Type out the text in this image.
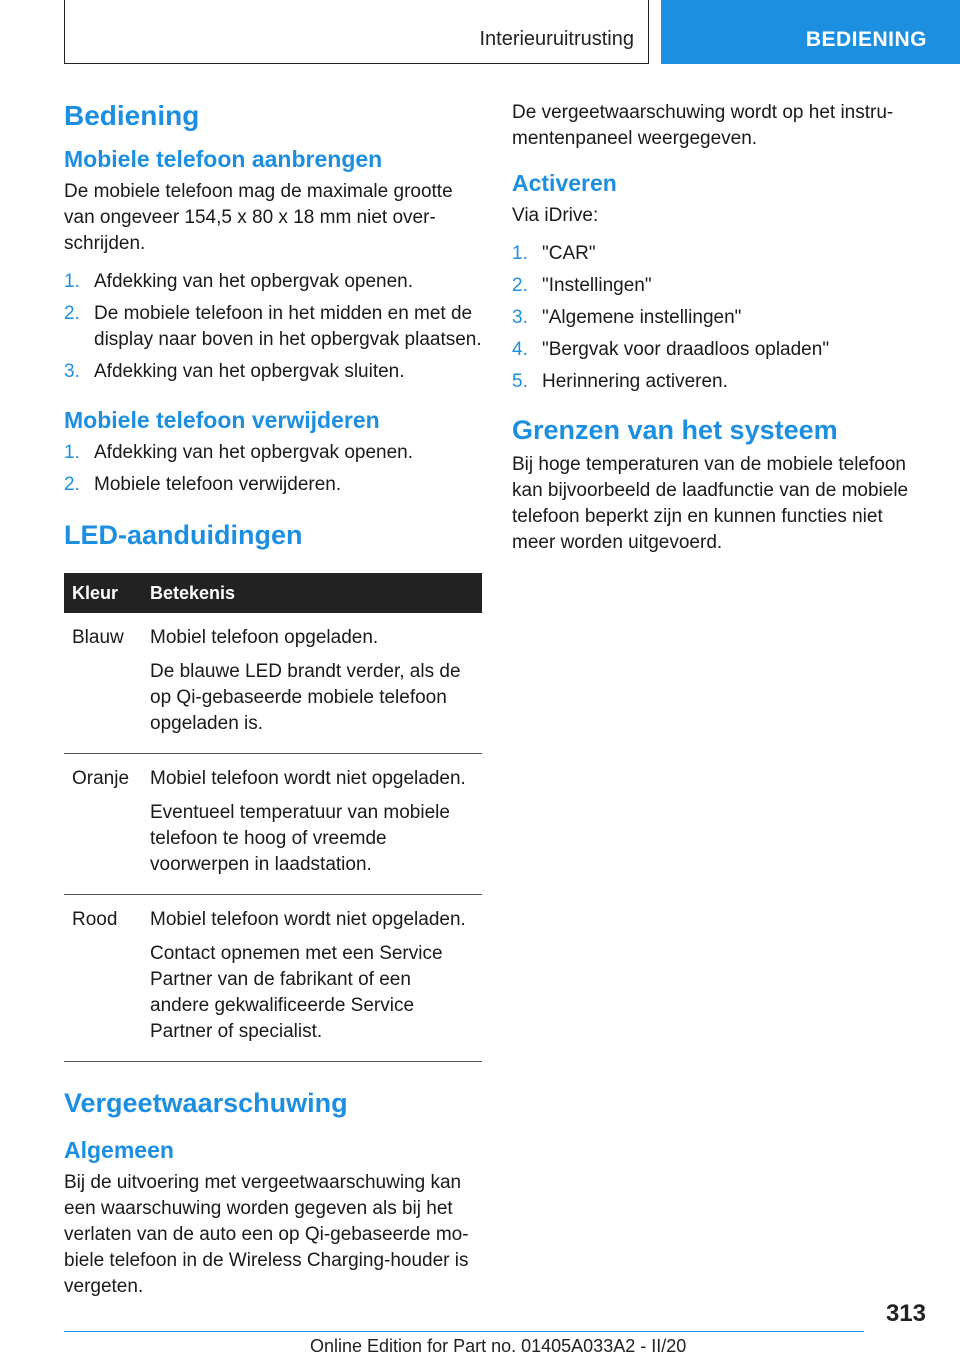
Interieuruitrusting	BEDIENING
Bediening
Mobiele telefoon aanbrengen

De mobiele telefoon mag de maximale grootte van ongeveer 154,5 x 80 x 18 mm niet overschrijden.

1. Afdekking van het opbergvak openen.
2. De mobiele telefoon in het midden en met de display naar boven in het opbergvak plaatsen.
3. Afdekking van het opbergvak sluiten.
Mobiele telefoon verwijderen
1. Afdekking van het opbergvak openen.
2. Mobiele telefoon verwijderen.
LED-aanduidingen
Kleur	Betekenis
Blauw	Mobiel telefoon opgeladen.

De blauwe LED brandt verder, als de op Qi-gebaseerde mobiele telefoon opgeladen is.

Oranje	Mobiel telefoon wordt niet opgeladen.

Eventueel temperatuur van mobiele telefoon te hoog of vreemde voorwerpen in laadstation.

Rood	Mobiel telefoon wordt niet opgeladen.

Contact opnemen met een Service Partner van de fabrikant of een andere gekwalificeerde Service Partner of specialist.

Vergeetwaarschuwing
Algemeen

Bij de uitvoering met vergeetwaarschuwing kan een waarschuwing worden gegeven als bij het verlaten van de auto een op Qi-gebaseerde mobiele telefoon in de Wireless Charging-houder is vergeten.

De vergeetwaarschuwing wordt op het instrumentenpaneel weergegeven.

Activeren

Via iDrive:

1. "CAR"
2. "Instellingen"
3. "Algemene instellingen"
4. "Bergvak voor draadloos opladen"
5. Herinnering activeren.
Grenzen van het systeem

Bij hoge temperaturen van de mobiele telefoon kan bijvoorbeeld de laadfunctie van de mobiele telefoon beperkt zijn en kunnen functies niet meer worden uitgevoerd.

313
Online Edition for Part no. 01405A033A2 - II/20
